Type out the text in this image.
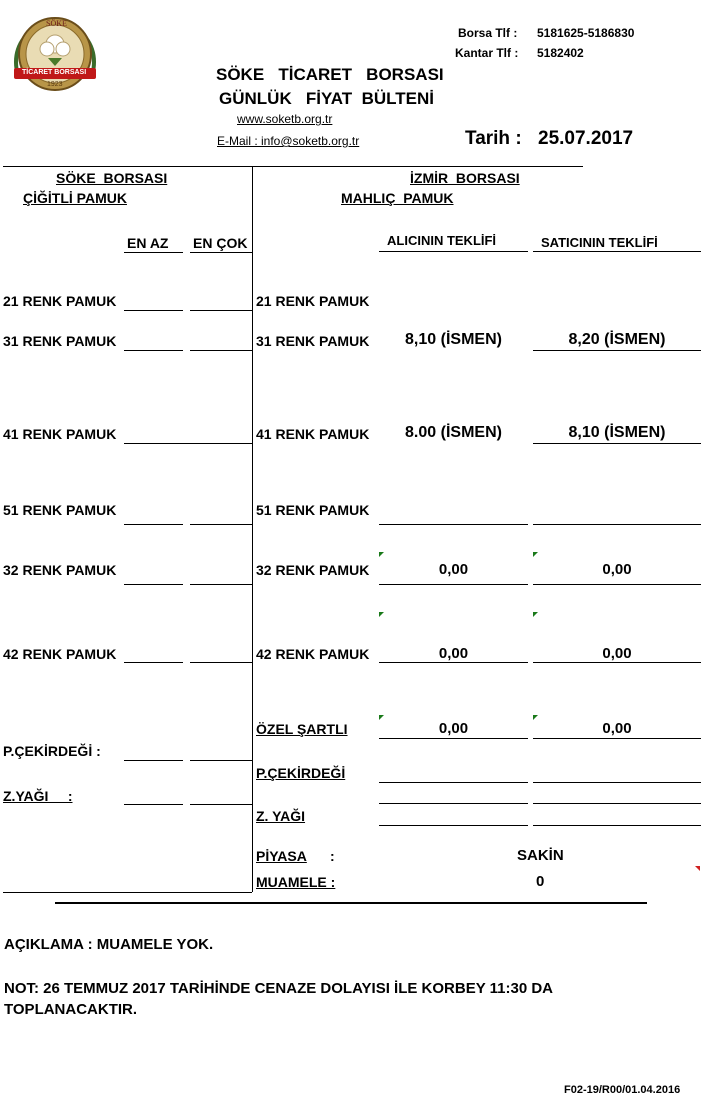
SÖKE
TİCARET BORSASI
1923
Borsa Tlf : 5181625-5186830
Kantar Tlf : 5182402
SÖKE   TİCARET   BORSASI
GÜNLÜK   FİYAT  BÜLTENİ
www.soketb.org.tr
E-Mail : info@soketb.org.tr	Tarih : 25.07.2017
SÖKE  BORSASI
ÇİĞİTLİ PAMUK
EN AZ EN ÇOK
21 RENK PAMUK
31 RENK PAMUK
41 RENK PAMUK
51 RENK PAMUK
32 RENK PAMUK
42 RENK PAMUK
P.ÇEKİRDEĞİ :
Z.YAĞI     :
İZMİR  BORSASI
MAHLIÇ  PAMUK
ALICININ TEKLİFİ	SATICININ TEKLİFİ
21 RENK PAMUK
31 RENK PAMUK	8,10 (İSMEN)	8,20 (İSMEN)
41 RENK PAMUK	8.00 (İSMEN)	8,10 (İSMEN)
51 RENK PAMUK
32 RENK PAMUK	0,00	0,00
42 RENK PAMUK	0,00	0,00
ÖZEL ŞARTLI	0,00	0,00
P.ÇEKİRDEĞİ
Z. YAĞI
PİYASA :	SAKİN
MUAMELE :	0
AÇIKLAMA : MUAMELE YOK.
NOT: 26 TEMMUZ 2017 TARİHİNDE CENAZE DOLAYISI İLE KORBEY 11:30 DA
TOPLANACAKTIR.
F02-19/R00/01.04.2016
